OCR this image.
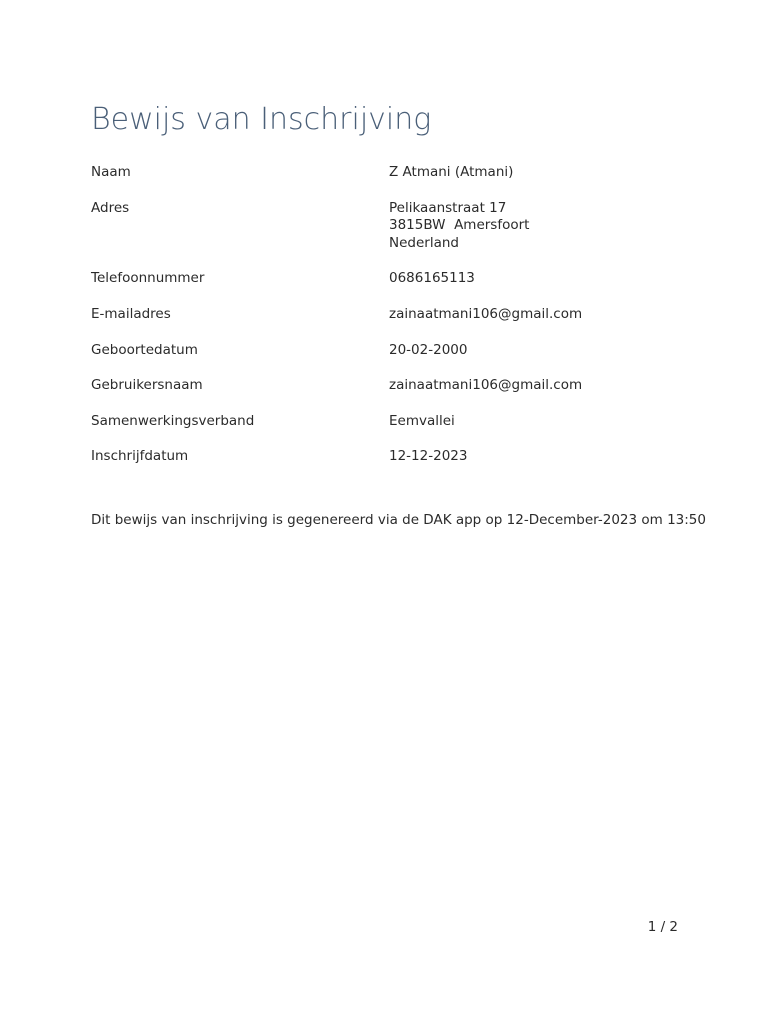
Bewijs van Inschrijving
Naam	Z Atmani (Atmani)

Adres	Pelikaanstraat 17
3815BW  Amersfoort
Nederland

Telefoonnummer	0686165113

E-mailadres	zainaatmani106@gmail.com

Geboortedatum	20-02-2000

Gebruikersnaam	zainaatmani106@gmail.com

Samenwerkingsverband	Eemvallei

Inschrijfdatum	12-12-2023

Dit bewijs van inschrijving is gegenereerd via de DAK app op 12-December-2023 om 13:50

1 / 2
